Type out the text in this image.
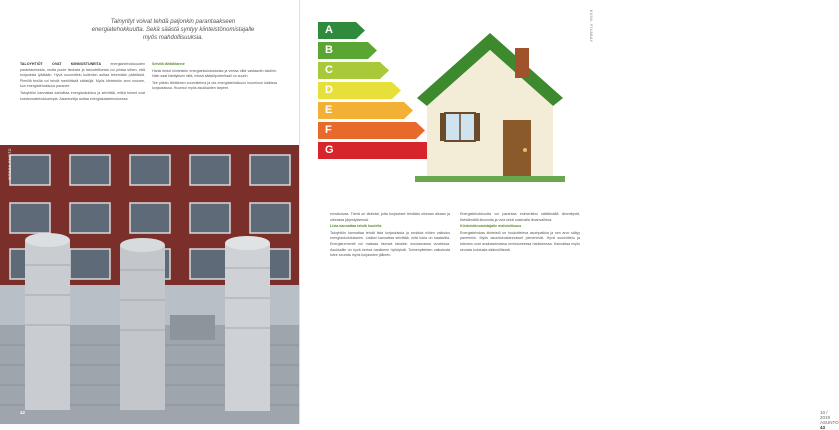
Talnyrityt voivat tehdä paljonkin parantaakseen energiatehokkuutta. Sekä säästä syntyy kiinteistönomistajalle myös mahdollisuuksia.

TALOYHTIÖT OVAT KIINNOSTUNEITA	energiantehokkuuden parantamisesta, mutta puute tiedosta ja taloudellisesta voi johtaa siihen, että korjauksia lykätään. Hyvä suunnittelu kuitenkin auttaa tekemään päätöksiä. Pienillä teoilla voi tehdä merkittäviä säästöjä. Myös kiinteistön arvo nousee, kun energiatehokkuus paranee.

Taloyhtiön kannattaa kartoittaa energiankulutus ja selvittää, mitkä toimet ovat kustannustehokkaimpia. Asiantuntija auttaa energiakatselmuksessa.

Selvitä lähtötilanne

Hanki tiedot kiinteistön energiankulutuksesta ja vertaa niitä vastaaviin taloihin. Näin saat käsityksen siitä, missä säästöpotentiaali on suurin.

Tee pitkän tähtäimen suunnitelma ja ota energiatehokkuus huomioon kaikissa korjauksissa. Huomioi myös asukkaiden tarpeet.

ISTOCK PHOTO
42

ennakoivaa. Tämä on tärkeää, jotta korjaukset tehdään oikeaan aikaan ja oikeassa järjestyksessä.

Lista kannattaa tehdä huolella

Taloyhtiön kannattaa tehdä lista korjauksista ja arvioida niiden vaikutus energiankulutukseen. Lisäksi kannattaa selvittää, mitä tukia on saatavilla. Energiaremontti voi maksaa itsensä takaisin muutamassa vuodessa. Asukkaille on hyvä kertoa hankkeen hyödyistä. Toimenpiteiden vaikutusta tulee seurata myös korjausten jälkeen.

Energiatehokkuutta voi parantaa esimerkiksi säätämällä lämmitystä, tiivistämällä ikkunoita ja ovia sekä uusimalla ilmanvaihtoa.

Kiinteistönomistajalle mahdollisuus

Energiatehokas kiinteistö on houkutteleva asuinpaikka ja sen arvo säilyy paremmin. Myös asumiskustannukset pienenevät. Hyvä suunnittelu ja toteutus ovat avainasemassa onnistuneessa hankkeessa. Kannattaa myös seurata kulutusta säännöllisesti.

10 / 2019 ASUNTO 43
A
B
C
D
E
F
G
KUVA: PIXABAY
